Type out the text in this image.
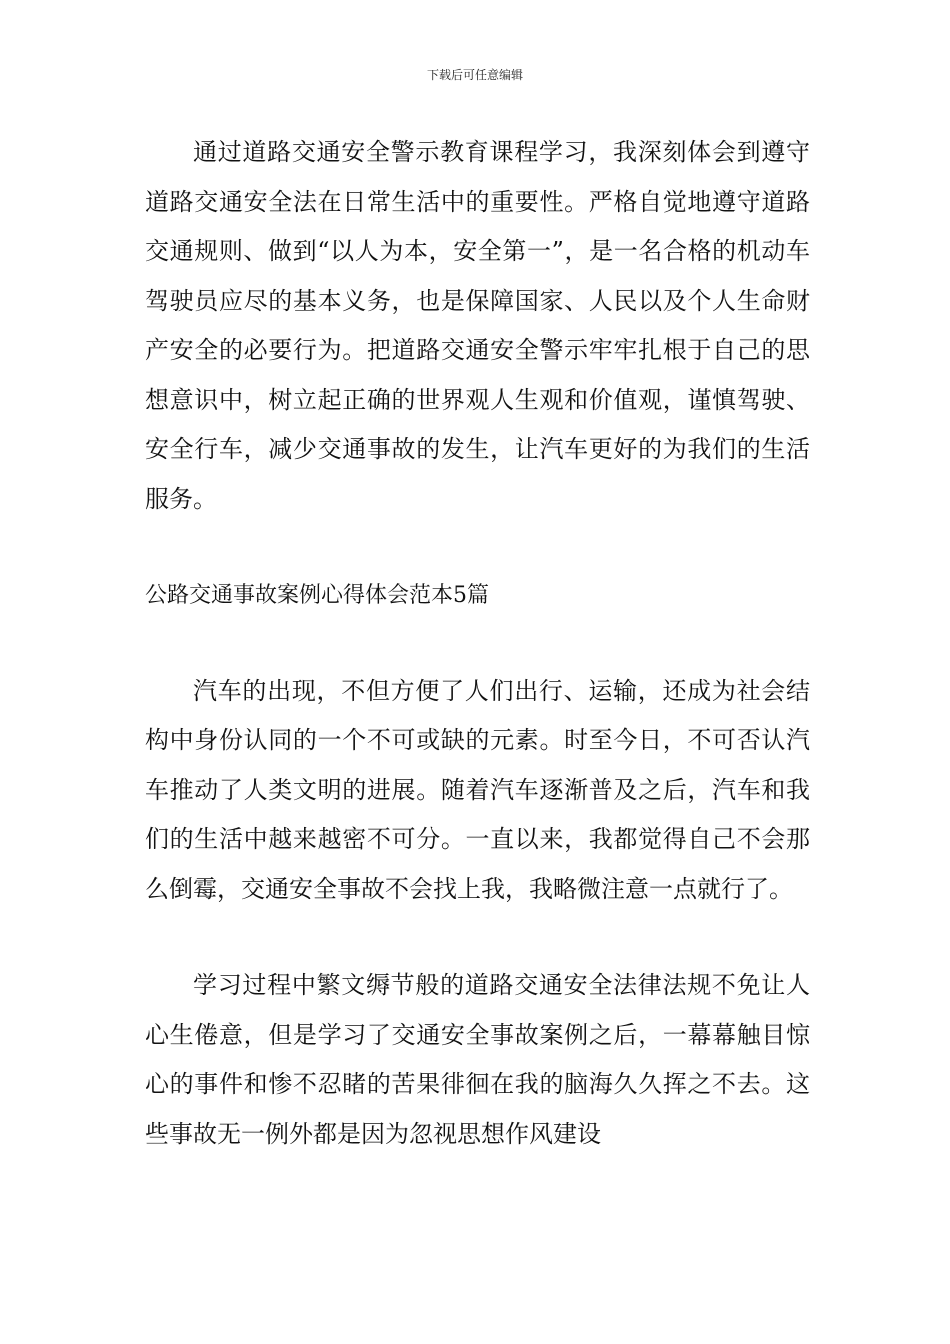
下载后可任意编辑

通过道路交通安全警示教育课程学习，我深刻体会到遵守道路交通安全法在日常生活中的重要性。严格自觉地遵守道路交通规则、做到“以人为本，安全第一”，是一名合格的机动车驾驶员应尽的基本义务，也是保障国家、人民以及个人生命财产安全的必要行为。把道路交通安全警示牢牢扎根于自己的思想意识中，树立起正确的世界观人生观和价值观，谨慎驾驶、安全行车，减少交通事故的发生，让汽车更好的为我们的生活服务。

公路交通事故案例心得体会范本5篇

汽车的出现，不但方便了人们出行、运输，还成为社会结构中身份认同的一个不可或缺的元素。时至今日，不可否认汽车推动了人类文明的进展。随着汽车逐渐普及之后，汽车和我们的生活中越来越密不可分。一直以来，我都觉得自己不会那么倒霉，交通安全事故不会找上我，我略微注意一点就行了。

学习过程中繁文缛节般的道路交通安全法律法规不免让人心生倦意，但是学习了交通安全事故案例之后，一幕幕触目惊心的事件和惨不忍睹的苦果徘徊在我的脑海久久挥之不去。这些事故无一例外都是因为忽视思想作风建设
